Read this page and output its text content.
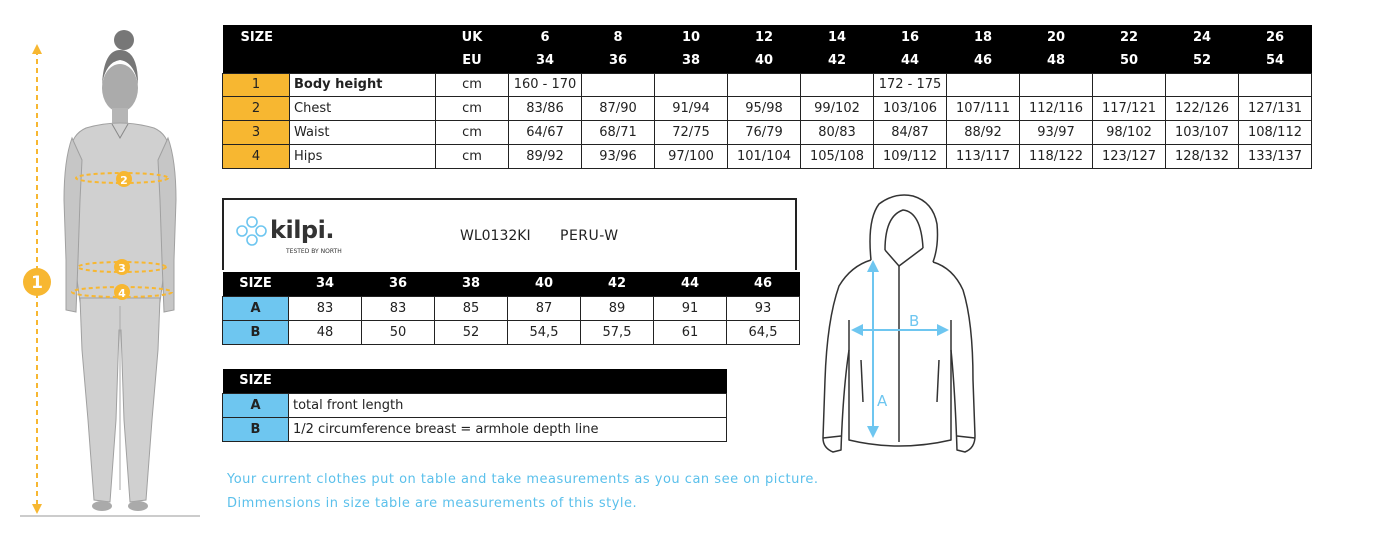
1
2
3
4
SIZE		UK	6	8	10	12	14	16	18	20	22	24	26
		EU	34	36	38	40	42	44	46	48	50	52	54
1	Body height	cm	160 - 170					172 - 175					
2	Chest	cm	83/86	87/90	91/94	95/98	99/102	103/106	107/111	112/116	117/121	122/126	127/131
3	Waist	cm	64/67	68/71	72/75	76/79	80/83	84/87	88/92	93/97	98/102	103/107	108/112
4	Hips	cm	89/92	93/96	97/100	101/104	105/108	109/112	113/117	118/122	123/127	128/132	133/137
kilpi.
TESTED BY NORTH
WL0132KI PERU-W
SIZE	34	36	38	40	42	44	46
A	83	83	85	87	89	91	93
B	48	50	52	54,5	57,5	61	64,5
SIZE	
A	total front length
B	1/2 circumference breast = armhole depth line
Your current clothes put on table and take measurements as you can see on picture.
Dimmensions in size table are measurements of this style.
A
B
